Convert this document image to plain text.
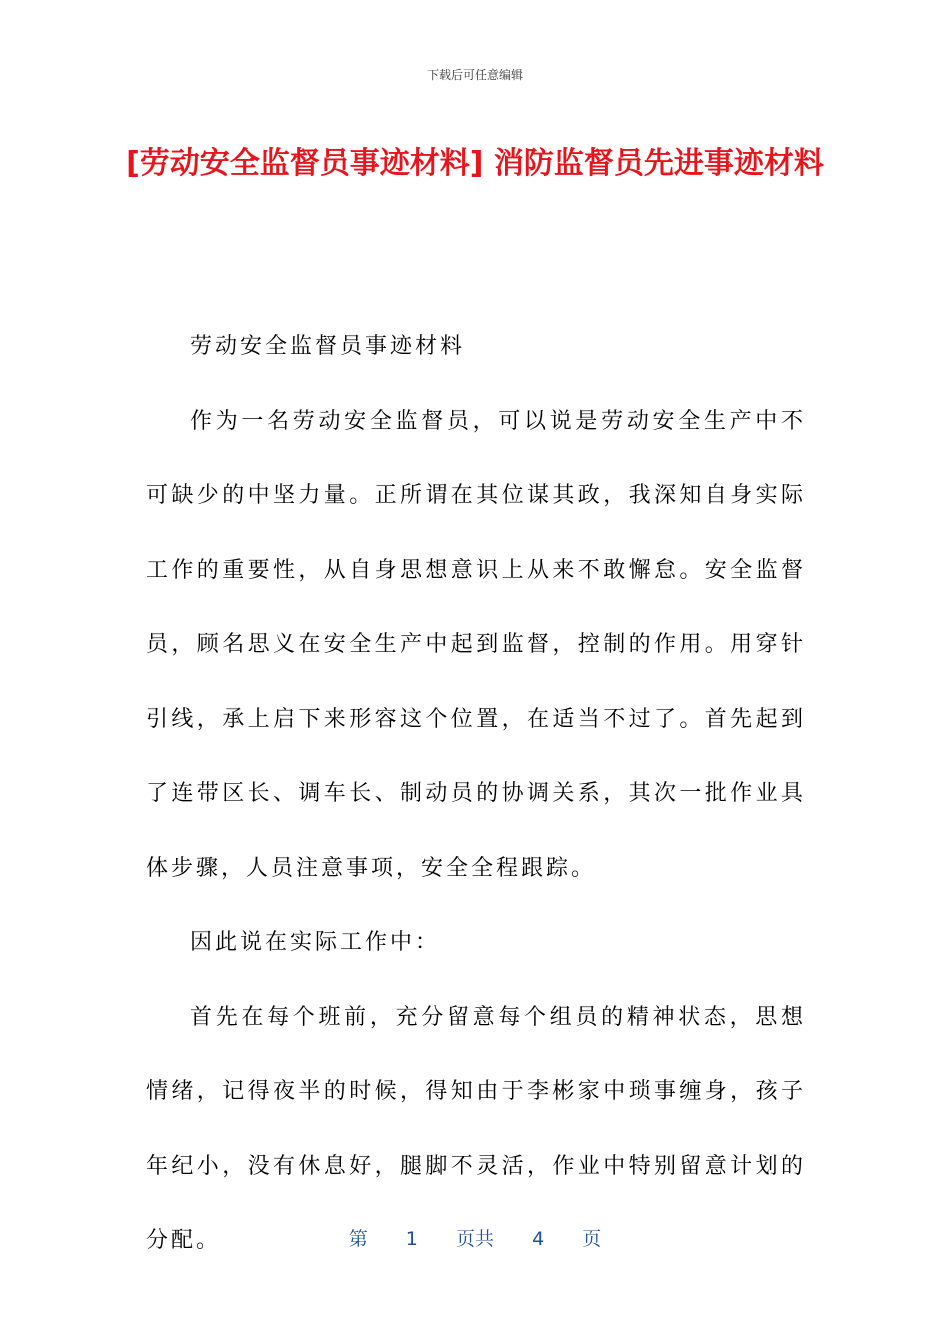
下载后可任意编辑
[劳动安全监督员事迹材料] 消防监督员先进事迹材料

劳动安全监督员事迹材料

作为一名劳动安全监督员，可以说是劳动安全生产中不可缺少的中坚力量。正所谓在其位谋其政，我深知自身实际工作的重要性，从自身思想意识上从来不敢懈怠。安全监督员，顾名思义在安全生产中起到监督，控制的作用。用穿针引线，承上启下来形容这个位置，在适当不过了。首先起到了连带区长、调车长、制动员的协调关系，其次一批作业具体步骤，人员注意事项，安全全程跟踪。

因此说在实际工作中：

首先在每个班前，充分留意每个组员的精神状态，思想情绪，记得夜半的时候，得知由于李彬家中琐事缠身，孩子年纪小，没有休息好，腿脚不灵活，作业中特别留意计划的分配。	第 1 页共 4 页
